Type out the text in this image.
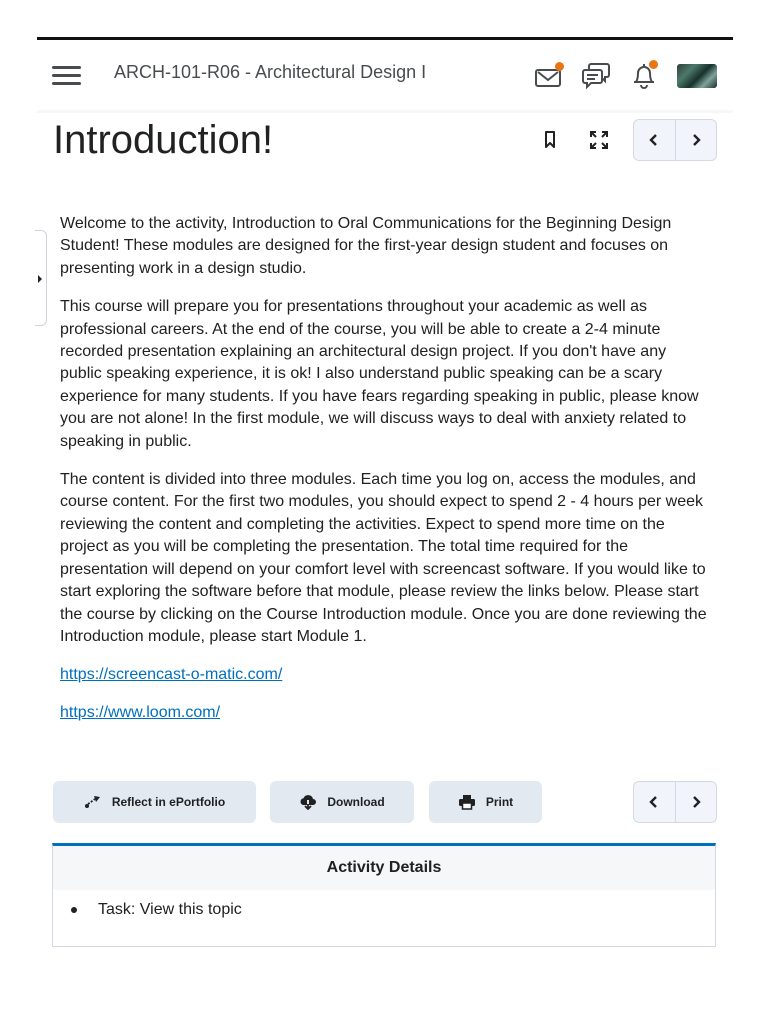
ARCH-101-R06 - Architectural Design I
Introduction!

Welcome to the activity, Introduction to Oral Communications for the Beginning Design Student! These modules are designed for the first-year design student and focuses on presenting work in a design studio.

This course will prepare you for presentations throughout your academic as well as professional careers. At the end of the course, you will be able to create a 2-4 minute recorded presentation explaining an architectural design project. If you don't have any public speaking experience, it is ok! I also understand public speaking can be a scary experience for many students. If you have fears regarding speaking in public, please know you are not alone! In the first module, we will discuss ways to deal with anxiety related to speaking in public.

The content is divided into three modules. Each time you log on, access the modules, and course content. For the first two modules, you should expect to spend 2 - 4 hours per week reviewing the content and completing the activities. Expect to spend more time on the project as you will be completing the presentation. The total time required for the presentation will depend on your comfort level with screencast software. If you would like to start exploring the software before that module, please review the links below. Please start the course by clicking on the Course Introduction module. Once you are done reviewing the Introduction module, please start Module 1.

https://screencast-o-matic.com/

https://www.loom.com/

Reflect in ePortfolio	Download	Print
Activity Details
Task: View this topic
